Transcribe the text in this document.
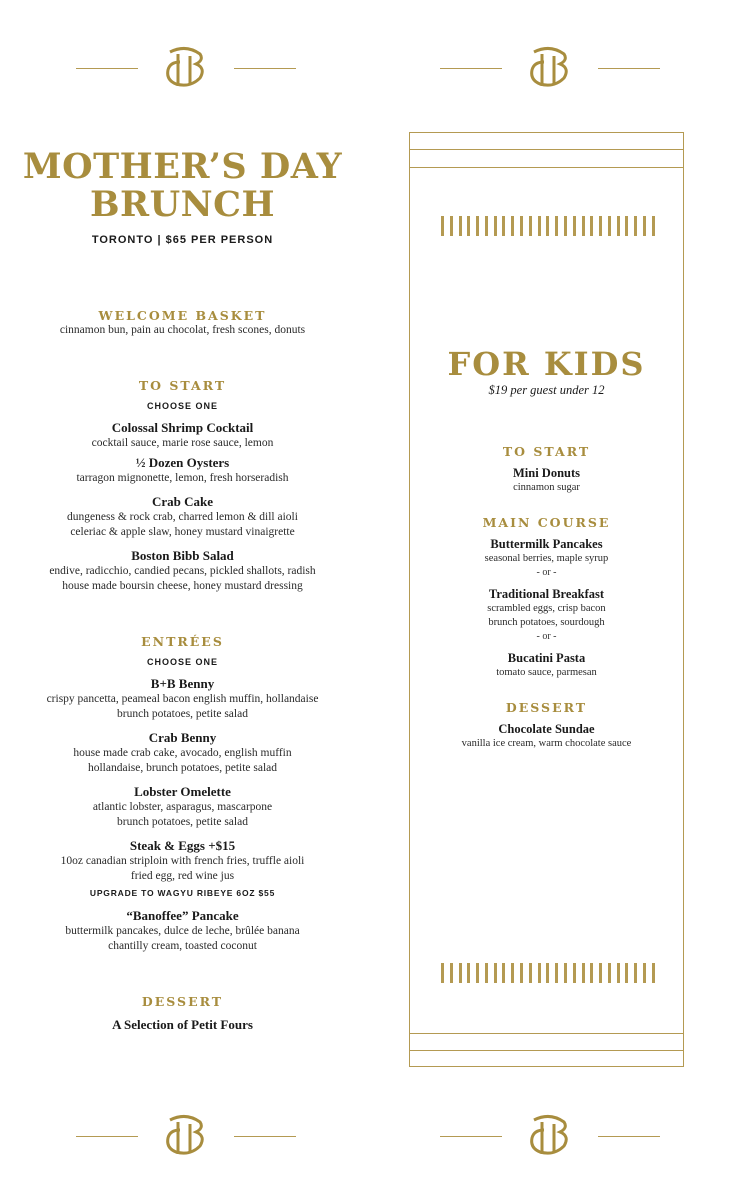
MOTHER’S DAY
BRUNCH
TORONTO | $65 PER PERSON
WELCOME BASKET
cinnamon bun, pain au chocolat, fresh scones, donuts
TO START
CHOOSE ONE
Colossal Shrimp Cocktail
cocktail sauce, marie rose sauce, lemon
½ Dozen Oysters
tarragon mignonette, lemon, fresh horseradish
Crab Cake
dungeness & rock crab, charred lemon & dill aioli
celeriac & apple slaw, honey mustard vinaigrette
Boston Bibb Salad
endive, radicchio, candied pecans, pickled shallots, radish
house made boursin cheese, honey mustard dressing
ENTRÉES
CHOOSE ONE
B+B Benny
crispy pancetta, peameal bacon english muffin, hollandaise
brunch potatoes, petite salad
Crab Benny
house made crab cake, avocado, english muffin
hollandaise, brunch potatoes, petite salad
Lobster Omelette
atlantic lobster, asparagus, mascarpone
brunch potatoes, petite salad
Steak & Eggs +$15
10oz canadian striploin with french fries, truffle aioli
fried egg, red wine jus
UPGRADE TO WAGYU RIBEYE 6OZ $55
“Banoffee” Pancake
buttermilk pancakes, dulce de leche, brûlée banana
chantilly cream, toasted coconut
DESSERT
A Selection of Petit Fours
FOR KIDS
$19 per guest under 12
TO START
Mini Donuts
cinnamon sugar
MAIN COURSE
Buttermilk Pancakes
seasonal berries, maple syrup
- or -
Traditional Breakfast
scrambled eggs, crisp bacon
brunch potatoes, sourdough
- or -
Bucatini Pasta
tomato sauce, parmesan
DESSERT
Chocolate Sundae
vanilla ice cream, warm chocolate sauce
